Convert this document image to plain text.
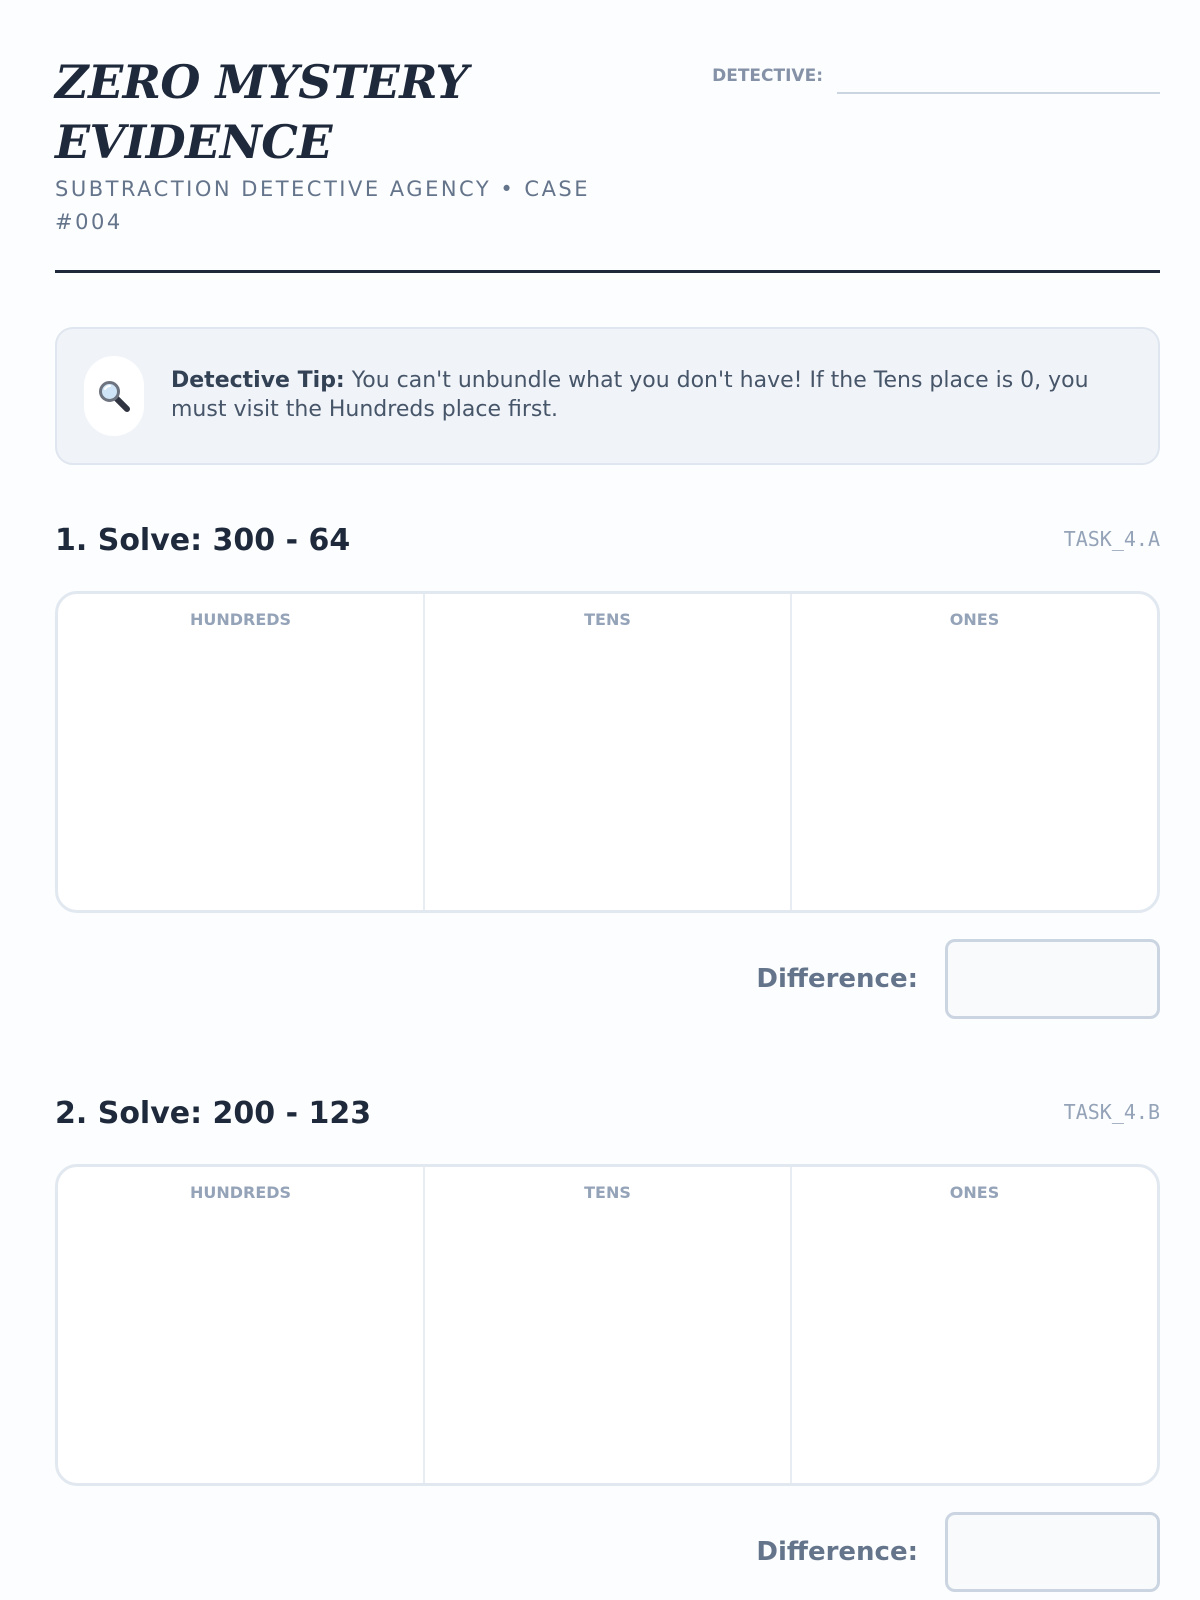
ZERO MYSTERY EVIDENCE
SUBTRACTION DETECTIVE AGENCY • CASE #004
DETECTIVE:

Detective Tip: You can't unbundle what you don't have! If the Tens place is 0, you must visit the Hundreds place first.

1. Solve: 300 - 64	TASK_4.A
HUNDREDS	TENS	ONES
Difference:
2. Solve: 200 - 123	TASK_4.B
HUNDREDS	TENS	ONES
Difference:
